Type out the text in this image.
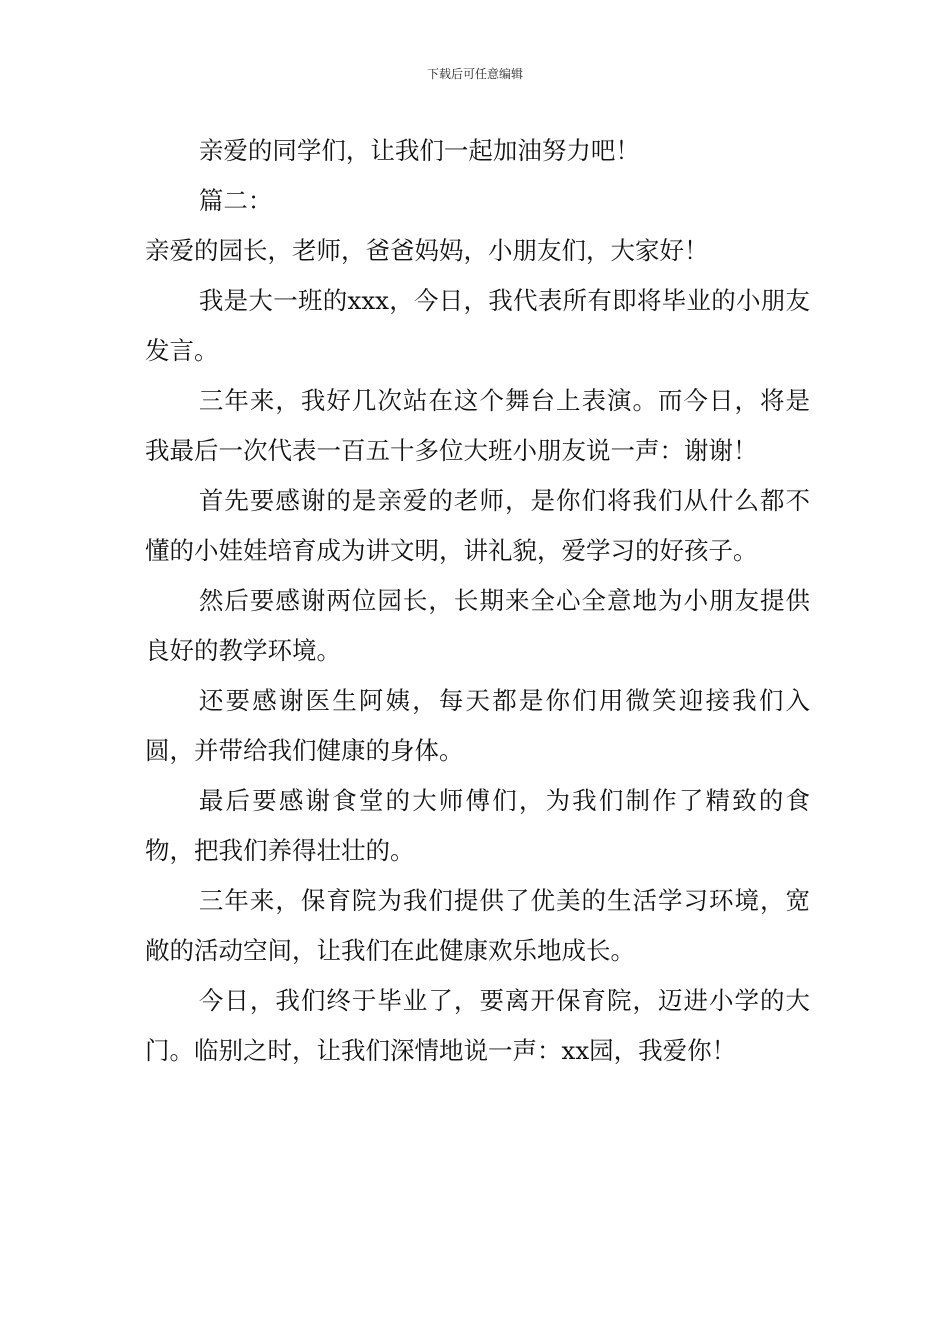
下载后可任意编辑

亲爱的同学们，让我们一起加油努力吧！

篇二：

亲爱的园长，老师，爸爸妈妈，小朋友们，大家好！

我是大一班的xxx，今日，我代表所有即将毕业的小朋友发言。

三年来，我好几次站在这个舞台上表演。而今日，将是我最后一次代表一百五十多位大班小朋友说一声：谢谢！

首先要感谢的是亲爱的老师，是你们将我们从什么都不懂的小娃娃培育成为讲文明，讲礼貌，爱学习的好孩子。

然后要感谢两位园长，长期来全心全意地为小朋友提供良好的教学环境。

还要感谢医生阿姨，每天都是你们用微笑迎接我们入圆，并带给我们健康的身体。

最后要感谢食堂的大师傅们，为我们制作了精致的食物，把我们养得壮壮的。

三年来，保育院为我们提供了优美的生活学习环境，宽敞的活动空间，让我们在此健康欢乐地成长。

今日，我们终于毕业了，要离开保育院，迈进小学的大门。临别之时，让我们深情地说一声：xx园，我爱你！
